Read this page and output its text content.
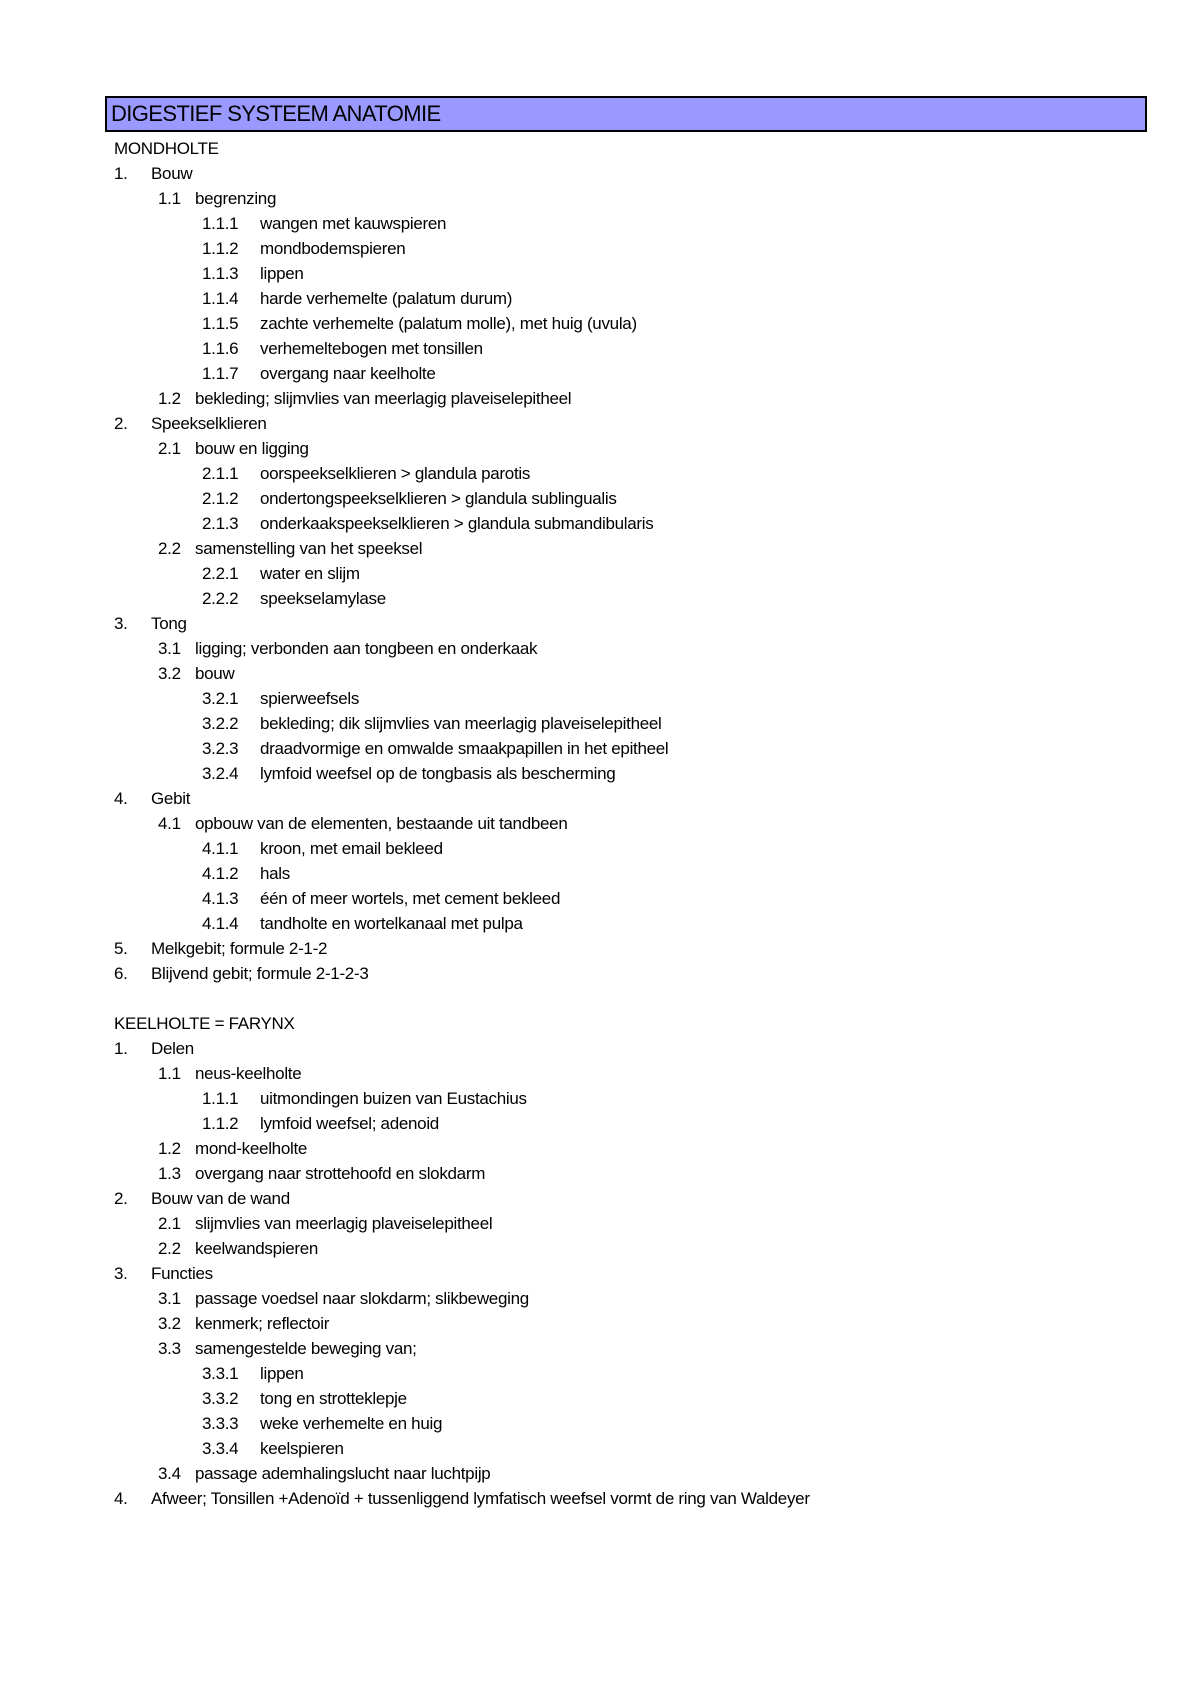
DIGESTIEF SYSTEEM ANATOMIE
MONDHOLTE
1. Bouw
1.1 begrenzing
1.1.1 wangen met kauwspieren
1.1.2 mondbodemspieren
1.1.3 lippen
1.1.4 harde verhemelte (palatum durum)
1.1.5 zachte verhemelte (palatum molle), met huig (uvula)
1.1.6 verhemeltebogen met tonsillen
1.1.7 overgang naar keelholte
1.2 bekleding; slijmvlies van meerlagig plaveiselepitheel
2. Speekselklieren
2.1 bouw en ligging
2.1.1 oorspeekselklieren > glandula parotis
2.1.2 ondertongspeekselklieren > glandula sublingualis
2.1.3 onderkaakspeekselklieren > glandula submandibularis
2.2 samenstelling van het speeksel
2.2.1 water en slijm
2.2.2 speekselamylase
3. Tong
3.1 ligging; verbonden aan tongbeen en onderkaak
3.2 bouw
3.2.1 spierweefsels
3.2.2 bekleding; dik slijmvlies van meerlagig plaveiselepitheel
3.2.3 draadvormige en omwalde smaakpapillen in het epitheel
3.2.4 lymfoid weefsel op de tongbasis als bescherming
4. Gebit
4.1 opbouw van de elementen, bestaande uit tandbeen
4.1.1 kroon, met email bekleed
4.1.2 hals
4.1.3 één of meer wortels, met cement bekleed
4.1.4 tandholte en wortelkanaal met pulpa
5. Melkgebit; formule 2-1-2
6. Blijvend gebit; formule 2-1-2-3
KEELHOLTE = FARYNX
1. Delen
1.1 neus-keelholte
1.1.1 uitmondingen buizen van Eustachius
1.1.2 lymfoid weefsel; adenoid
1.2 mond-keelholte
1.3 overgang naar strottehoofd en slokdarm
2. Bouw van de wand
2.1 slijmvlies van meerlagig plaveiselepitheel
2.2 keelwandspieren
3. Functies
3.1 passage voedsel naar slokdarm; slikbeweging
3.2 kenmerk; reflectoir
3.3 samengestelde beweging van;
3.3.1 lippen
3.3.2 tong en strotteklepje
3.3.3 weke verhemelte en huig
3.3.4 keelspieren
3.4 passage ademhalingslucht naar luchtpijp
4. Afweer; Tonsillen +Adenoïd + tussenliggend lymfatisch weefsel vormt de ring van Waldeyer
